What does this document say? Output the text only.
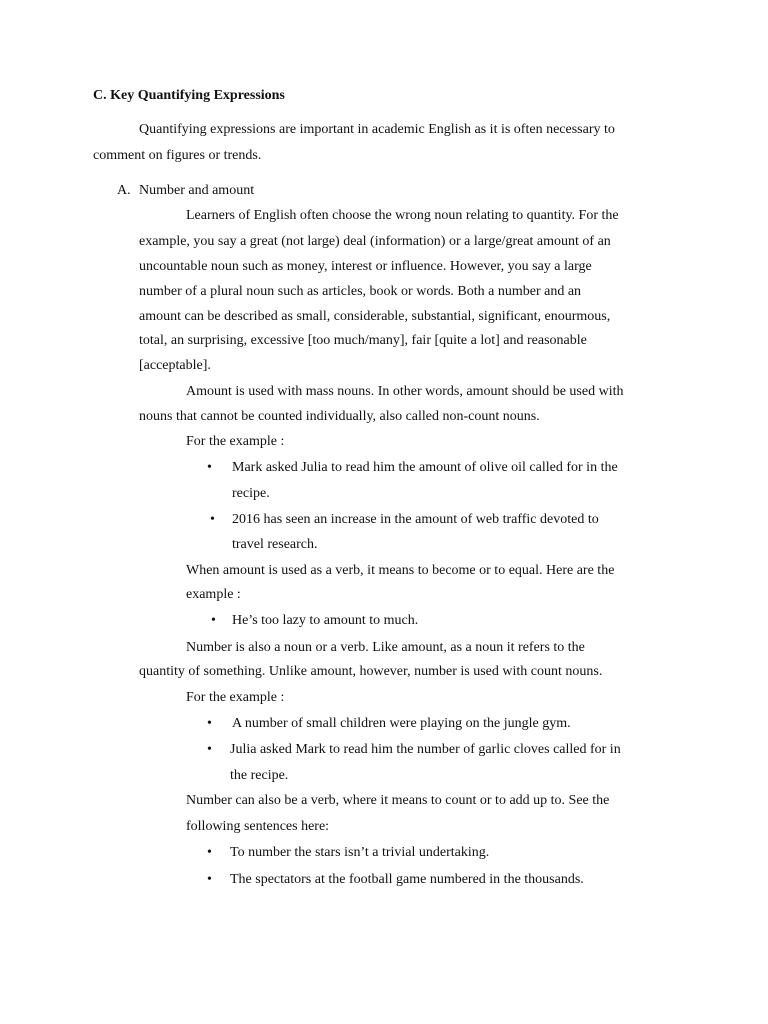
C. Key Quantifying Expressions
Quantifying expressions are important in academic English as it is often necessary to
comment on figures or trends.
A. Number and amount
Learners of English often choose the wrong noun relating to quantity. For the
example, you say a great (not large) deal (information) or a large/great amount of an
uncountable noun such as money, interest or influence. However, you say a large
number of a plural noun such as articles, book or words. Both a number and an
amount can be described as small, considerable, substantial, significant, enourmous,
total, an surprising, excessive [too much/many], fair [quite a lot] and reasonable
[acceptable].
Amount is used with mass nouns. In other words, amount should be used with
nouns that cannot be counted individually, also called non-count nouns.
For the example :
• Mark asked Julia to read him the amount of olive oil called for in the
recipe.
• 2016 has seen an increase in the amount of web traffic devoted to
travel research.
When amount is used as a verb, it means to become or to equal. Here are the
example :
• He’s too lazy to amount to much.
Number is also a noun or a verb. Like amount, as a noun it refers to the
quantity of something. Unlike amount, however, number is used with count nouns.
For the example :
• A number of small children were playing on the jungle gym.
• Julia asked Mark to read him the number of garlic cloves called for in
the recipe.
Number can also be a verb, where it means to count or to add up to. See the
following sentences here:
• To number the stars isn’t a trivial undertaking.
• The spectators at the football game numbered in the thousands.
